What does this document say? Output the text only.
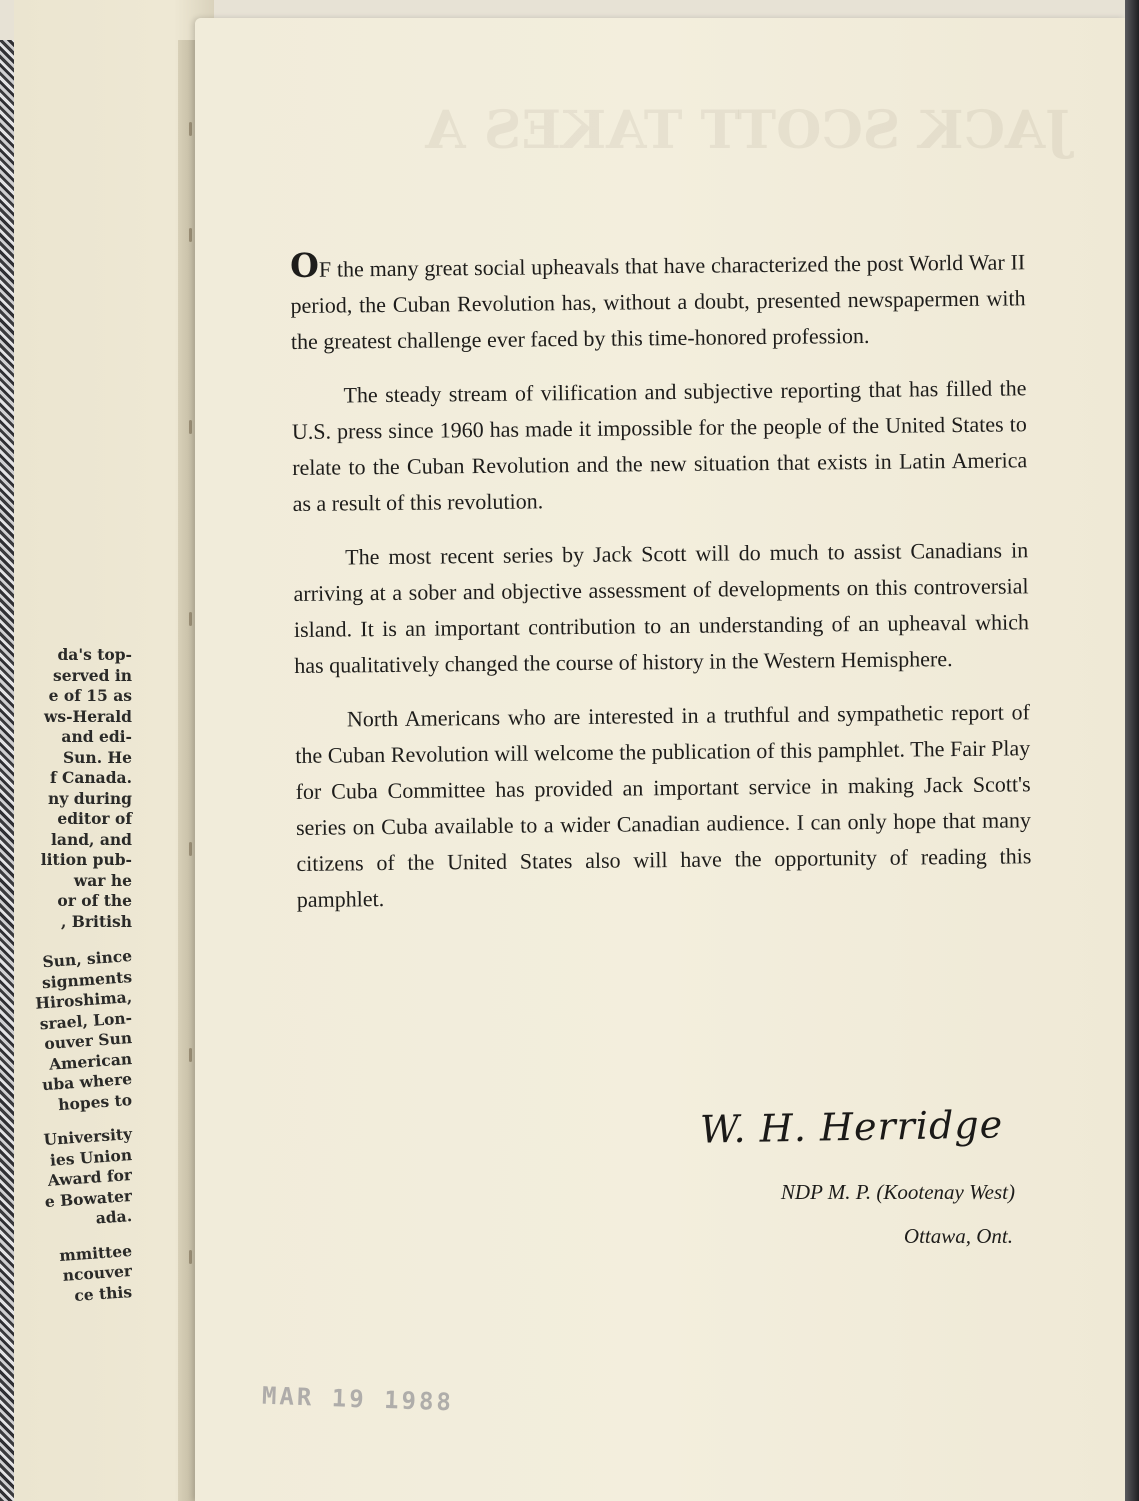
da's top-
served in
e of 15 as
ws-Herald
and edi-
Sun. He
f Canada.
ny during
editor of
land, and
lition pub-
war he
or of the
, British
Sun, since
signments
Hiroshima,
srael, Lon-
ouver Sun
American
uba where
hopes to
University
ies Union
Award for
e Bowater
ada.
mmittee
ncouver
ce this
JACK SCOTT TAKES A

OF the many great social upheavals that have characterized the post World War II period, the Cuban Revolution has, without a doubt, presented newspapermen with the greatest challenge ever faced by this time-honored profession.

The steady stream of vilification and subjective reporting that has filled the U.S. press since 1960 has made it impossible for the people of the United States to relate to the Cuban Revolution and the new situation that exists in Latin America as a result of this revolution.

The most recent series by Jack Scott will do much to assist Canadians in arriving at a sober and objective assessment of developments on this controversial island. It is an important contribution to an understanding of an upheaval which has qualitatively changed the course of history in the Western Hemisphere.

North Americans who are interested in a truthful and sympathetic report of the Cuban Revolution will welcome the publication of this pamphlet. The Fair Play for Cuba Committee has provided an important service in making Jack Scott's series on Cuba available to a wider Canadian audience. I can only hope that many citizens of the United States also will have the opportunity of reading this pamphlet.

W. H. Herridge
NDP M. P. (Kootenay West)
Ottawa, Ont.
MAR 19 1988
